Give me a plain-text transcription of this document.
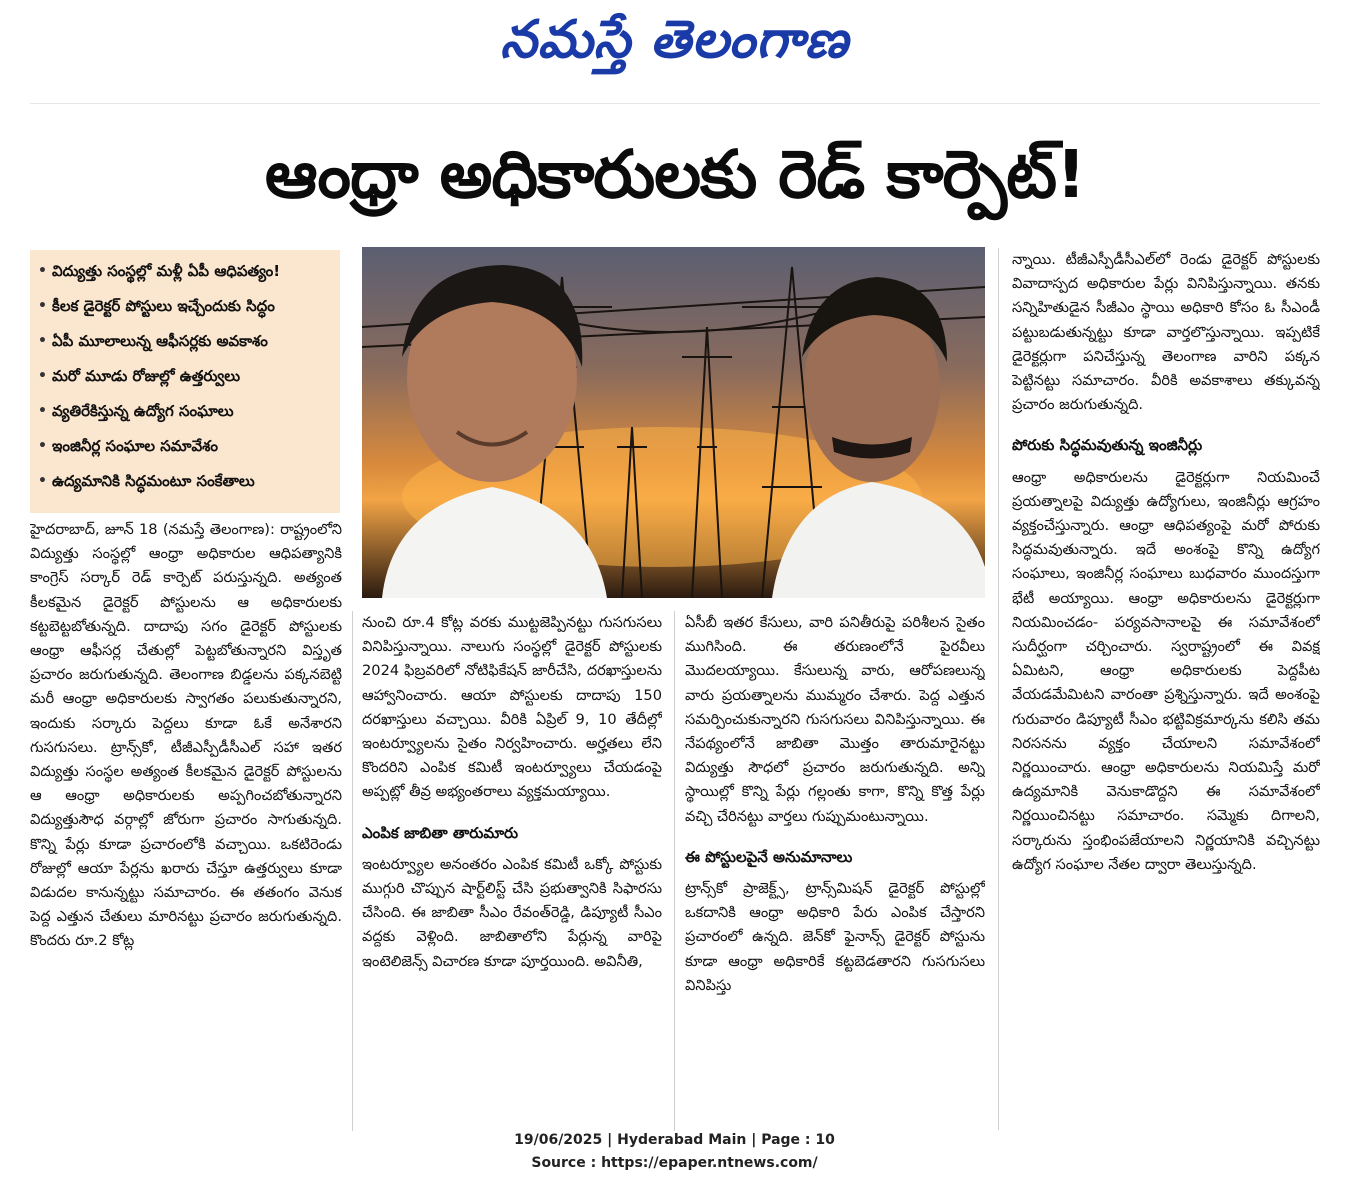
నమస్తే తెలంగాణ
ఆంధ్రా అధికారులకు రెడ్‌ కార్పెట్‌!
• విద్యుత్తు సంస్థల్లో మళ్లీ ఏపీ ఆధిపత్యం!
• కీలక డైరెక్టర్‌ పోస్టులు ఇచ్చేందుకు సిద్ధం
• ఏపీ మూలాలున్న ఆఫీసర్లకు అవకాశం
• మరో మూడు రోజుల్లో ఉత్తర్వులు
• వ్యతిరేకిస్తున్న ఉద్యోగ సంఘాలు
• ఇంజినీర్ల సంఘాల సమావేశం
• ఉద్యమానికి సిద్ధమంటూ సంకేతాలు

హైదరాబాద్‌, జూన్‌ 18 (నమస్తే తెలంగాణ): రాష్ట్రంలోని విద్యుత్తు సంస్థల్లో ఆంధ్రా అధికారుల ఆధిపత్యానికి కాంగ్రెస్‌ సర్కార్‌ రెడ్‌ కార్పెట్‌ పరుస్తున్నది. అత్యంత కీలకమైన డైరెక్టర్‌ పోస్టులను ఆ అధికారులకు కట్టబెట్టబోతున్నది. దాదాపు సగం డైరెక్టర్‌ పోస్టులకు ఆంధ్రా ఆఫీసర్ల చేతుల్లో పెట్టబోతున్నారని విస్తృత ప్రచారం జరుగుతున్నది. తెలంగాణ బిడ్డలను పక్కనబెట్టి మరీ ఆంధ్రా అధికారులకు స్వాగతం పలుకుతున్నారని, ఇందుకు సర్కారు పెద్దలు కూడా ఓకే అనేశారని గుసగుసలు. ట్రాన్స్‌కో, టీజీఎస్పీడీసీఎల్‌ సహా ఇతర విద్యుత్తు సంస్థల అత్యంత కీలకమైన డైరెక్టర్‌ పోస్టులను ఆ ఆంధ్రా అధికారులకు అప్పగించబోతున్నారని విద్యుత్తుసౌధ వర్గాల్లో జోరుగా ప్రచారం సాగుతున్నది. కొన్ని పేర్లు కూడా ప్రచారంలోకి వచ్చాయి. ఒకటిరెండు రోజుల్లో ఆయా పేర్లను ఖరారు చేస్తూ ఉత్తర్వులు కూడా విడుదల కానున్నట్టు సమాచారం. ఈ తతంగం వెనుక పెద్ద ఎత్తున చేతులు మారినట్టు ప్రచారం జరుగుతున్నది. కొందరు రూ.2 కోట్ల

నుంచి రూ.4 కోట్ల వరకు ముట్టజెప్పినట్టు గుసగుసలు వినిపిస్తున్నాయి. నాలుగు సంస్థల్లో డైరెక్టర్‌ పోస్టులకు 2024 ఫిబ్రవరిలో నోటిఫికేషన్‌ జారీచేసి, దరఖాస్తులను ఆహ్వానించారు. ఆయా పోస్టులకు దాదాపు 150 దరఖాస్తులు వచ్చాయి. వీరికి ఏప్రిల్‌ 9, 10 తేదీల్లో ఇంటర్వ్యూలను సైతం నిర్వహించారు. అర్హతలు లేని కొందరిని ఎంపిక కమిటీ ఇంటర్వ్యూలు చేయడంపై అప్పట్లో తీవ్ర అభ్యంతరాలు వ్యక్తమయ్యాయి.

ఎంపిక జాబితా తారుమారు

ఇంటర్వ్యూల అనంతరం ఎంపిక కమిటీ ఒక్కో పోస్టుకు ముగ్గురి చొప్పున షార్ట్‌లిస్ట్‌ చేసి ప్రభుత్వానికి సిఫారసు చేసింది. ఈ జాబితా సీఎం రేవంత్‌రెడ్డి, డిప్యూటీ సీఎం వద్దకు వెళ్లింది. జాబితాలోని పేర్లున్న వారిపై ఇంటెలిజెన్స్‌ విచారణ కూడా పూర్తయింది. అవినీతి,

ఏసీబీ ఇతర కేసులు, వారి పనితీరుపై పరిశీలన సైతం ముగిసింది. ఈ తరుణంలోనే పైరవీలు మొదలయ్యాయి. కేసులున్న వారు, ఆరోపణలున్న వారు ప్రయత్నాలను ముమ్మరం చేశారు. పెద్ద ఎత్తున సమర్పించుకున్నారని గుసగుసలు వినిపిస్తున్నాయి. ఈ నేపథ్యంలోనే జాబితా మొత్తం తారుమారైనట్టు విద్యుత్తు సౌధలో ప్రచారం జరుగుతున్నది. అన్ని స్థాయిల్లో కొన్ని పేర్లు గల్లంతు కాగా, కొన్ని కొత్త పేర్లు వచ్చి చేరినట్టు వార్తలు గుప్పుమంటున్నాయి.

ఈ పోస్టులపైనే అనుమానాలు

ట్రాన్స్‌కో ప్రాజెక్ట్స్‌, ట్రాన్స్‌మిషన్‌ డైరెక్టర్‌ పోస్టుల్లో ఒకదానికి ఆంధ్రా అధికారి పేరు ఎంపిక చేస్తారని ప్రచారంలో ఉన్నది. జెన్‌కో ఫైనాన్స్‌ డైరెక్టర్‌ పోస్టును కూడా ఆంధ్రా అధికారికే కట్టబెడతారని గుసగుసలు వినిపిస్తు

న్నాయి. టీజీఎస్పీడీసీఎల్‌లో రెండు డైరెక్టర్‌ పోస్టులకు వివాదాస్పద అధికారుల పేర్లు వినిపిస్తున్నాయి. తనకు సన్నిహితుడైన సీజీఎం స్థాయి అధికారి కోసం ఓ సీఎండీ పట్టుబడుతున్నట్టు కూడా వార్తలొస్తున్నాయి. ఇప్పటికే డైరెక్టర్లుగా పనిచేస్తున్న తెలంగాణ వారిని పక్కన పెట్టినట్టు సమాచారం. వీరికి అవకాశాలు తక్కువన్న ప్రచారం జరుగుతున్నది.

పోరుకు సిద్ధమవుతున్న ఇంజినీర్లు

ఆంధ్రా అధికారులను డైరెక్టర్లుగా నియమించే ప్రయత్నాలపై విద్యుత్తు ఉద్యోగులు, ఇంజినీర్లు ఆగ్రహం వ్యక్తంచేస్తున్నారు. ఆంధ్రా ఆధిపత్యంపై మరో పోరుకు సిద్ధమవుతున్నారు. ఇదే అంశంపై కొన్ని ఉద్యోగ సంఘాలు, ఇంజినీర్ల సంఘాలు బుధవారం ముందస్తుగా భేటీ అయ్యాయి. ఆంధ్రా అధికారులను డైరెక్టర్లుగా నియమించడం- పర్యవసానాలపై ఈ సమావేశంలో సుదీర్ఘంగా చర్చించారు. స్వరాష్ట్రంలో ఈ వివక్ష ఏమిటని, ఆంధ్రా అధికారులకు పెద్దపీట వేయడమేమిటని వారంతా ప్రశ్నిస్తున్నారు. ఇదే అంశంపై గురువారం డిప్యూటీ సీఎం భట్టివిక్రమార్కను కలిసి తమ నిరసనను వ్యక్తం చేయాలని సమావేశంలో నిర్ణయించారు. ఆంధ్రా అధికారులను నియమిస్తే మరో ఉద్యమానికి వెనుకాడొద్దని ఈ సమావేశంలో నిర్ణయించినట్టు సమాచారం. సమ్మెకు దిగాలని, సర్కారును స్తంభింపజేయాలని నిర్ణయానికి వచ్చినట్టు ఉద్యోగ సంఘాల నేతల ద్వారా తెలుస్తున్నది.

19/06/2025 | Hyderabad Main | Page : 10
Source : https://epaper.ntnews.com/
